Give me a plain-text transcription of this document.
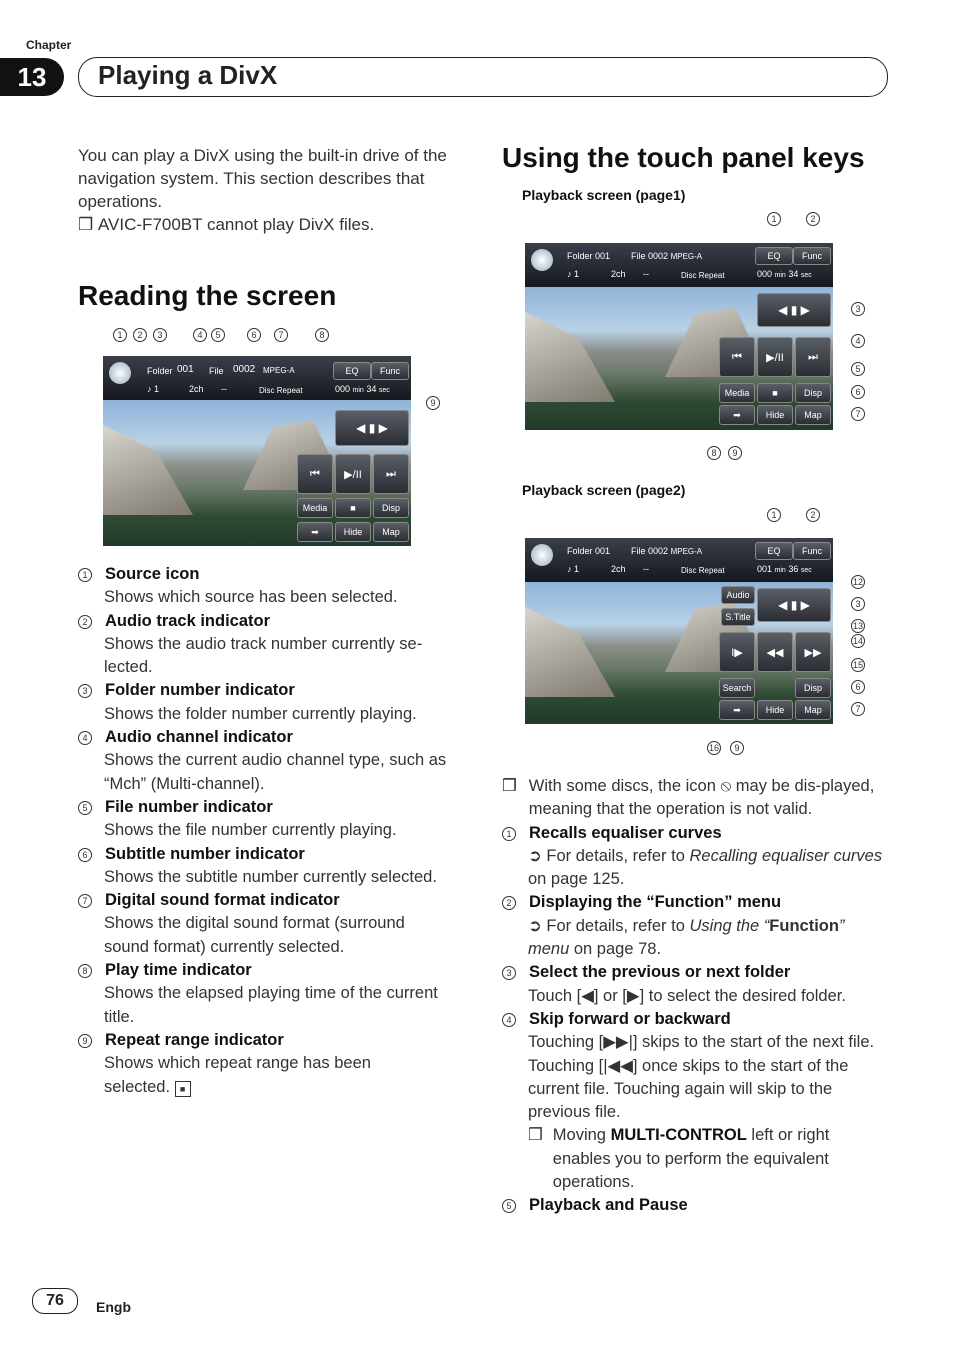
Chapter
13	Playing a DivX
You can play a DivX using the built-in drive of the navigation system. This section describes that operations.
❒ AVIC-F700BT cannot play DivX files.
Reading the screen
1	2	3	4	5	6	7	8
9
Folder 001 File 0002 MPEG-A
♪ 1	2ch --	Disc Repeat	000 min 34 sec
EQ	Func
◀ ▮ ▶
⏮	▶/II	⏭
Media	■	Disp
➡	Hide	Map
1 Source icon
Shows which source has been selected.
2 Audio track indicator
Shows the audio track number currently se-lected.
3 Folder number indicator
Shows the folder number currently playing.
4 Audio channel indicator
Shows the current audio channel type, such as “Mch” (Multi-channel).
5 File number indicator
Shows the file number currently playing.
6 Subtitle number indicator
Shows the subtitle number currently selected.
7 Digital sound format indicator
Shows the digital sound format (surround sound format) currently selected.
8 Play time indicator
Shows the elapsed playing time of the current title.
9 Repeat range indicator
Shows which repeat range has been selected. ■
Using the touch panel keys
Playback screen (page1)
1	2
Folder 001 File 0002 MPEG-A
♪ 1	2ch --	Disc Repeat	000 min 34 sec
EQ	Func
◀ ▮ ▶
⏮	▶/II	⏭
Media	■	Disp
➡	Hide	Map
3
4
5
6
7
8	9
Playback screen (page2)
1	2
Folder 001 File 0002 MPEG-A
♪ 1	2ch --	Disc Repeat	001 min 36 sec
EQ	Func
Audio
S.Title
◀ ▮ ▶
I▶	◀◀	▶▶
Search	Disp
➡	Hide	Map
12
3
13
14
15
6
7
16	9
❒ With some discs, the icon ⦸ may be dis-played, meaning that the operation is not valid.
1 Recalls equaliser curves
➲ For details, refer to Recalling equaliser curves on page 125.
2 Displaying the “Function” menu
➲ For details, refer to Using the “Function” menu on page 78.
3 Select the previous or next folder
Touch [◀] or [▶] to select the desired folder.
4 Skip forward or backward
Touching [▶▶|] skips to the start of the next file. Touching [|◀◀] once skips to the start of the current file. Touching again will skip to the previous file.
❒ Moving MULTI-CONTROL left or right enables you to perform the equivalent operations.
5 Playback and Pause
76	Engb
